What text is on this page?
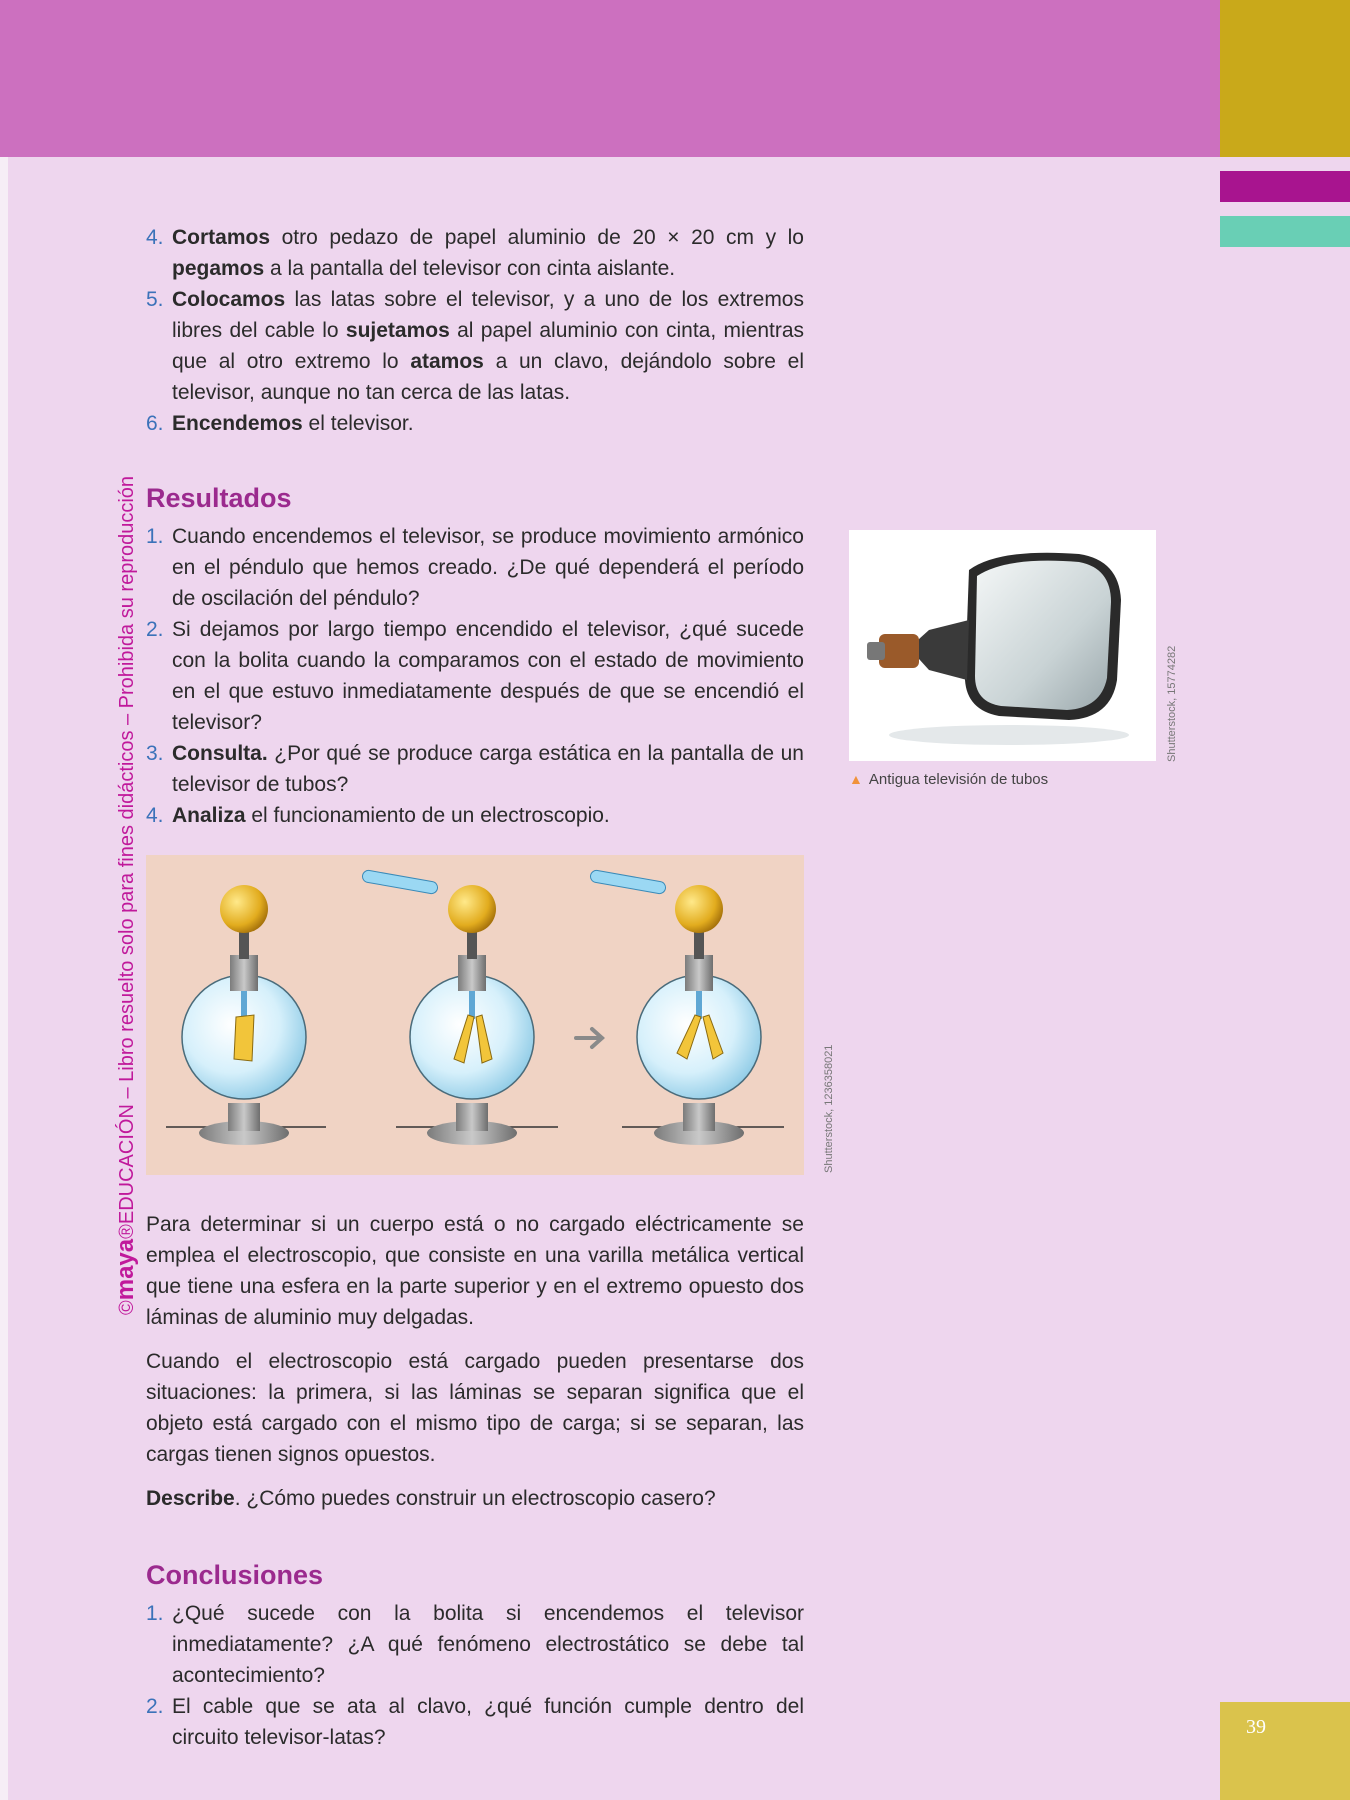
©maya®EDUCACIÓN – Libro resuelto solo para fines didácticos – Prohibida su reproducción
4. Cortamos otro pedazo de papel aluminio de 20 × 20 cm y lo pegamos a la pantalla del televisor con cinta aislante.
5. Colocamos las latas sobre el televisor, y a uno de los extremos libres del cable lo sujetamos al papel aluminio con cinta, mientras que al otro extremo lo atamos a un clavo, dejándolo sobre el televisor, aunque no tan cerca de las latas.
6. Encendemos el televisor.
Resultados
1. Cuando encendemos el televisor, se produce movimiento armónico en el péndulo que hemos creado. ¿De qué dependerá el período de oscilación del péndulo?
2. Si dejamos por largo tiempo encendido el televisor, ¿qué sucede con la bolita cuando la comparamos con el estado de movimiento en el que estuvo inmediatamente después de que se encendió el televisor?
3. Consulta. ¿Por qué se produce carga estática en la pantalla de un televisor de tubos?
4. Analiza el funcionamiento de un electroscopio.
Shutterstock, 1236358021

Para determinar si un cuerpo está o no cargado eléctricamente se emplea el electroscopio, que consiste en una varilla metálica vertical que tiene una esfera en la parte superior y en el extremo opuesto dos láminas de aluminio muy delgadas.

Cuando el electroscopio está cargado pueden presentarse dos situaciones: la primera, si las láminas se separan significa que el objeto está cargado con el mismo tipo de carga; si se separan, las cargas tienen signos opuestos.

Describe. ¿Cómo puedes construir un electroscopio casero?

Conclusiones
1. ¿Qué sucede con la bolita si encendemos el televisor inmediatamente? ¿A qué fenómeno electrostático se debe tal acontecimiento?
2. El cable que se ata al clavo, ¿qué función cumple dentro del circuito televisor-latas?
Shutterstock, 15774282
▲ Antigua televisión de tubos
39
